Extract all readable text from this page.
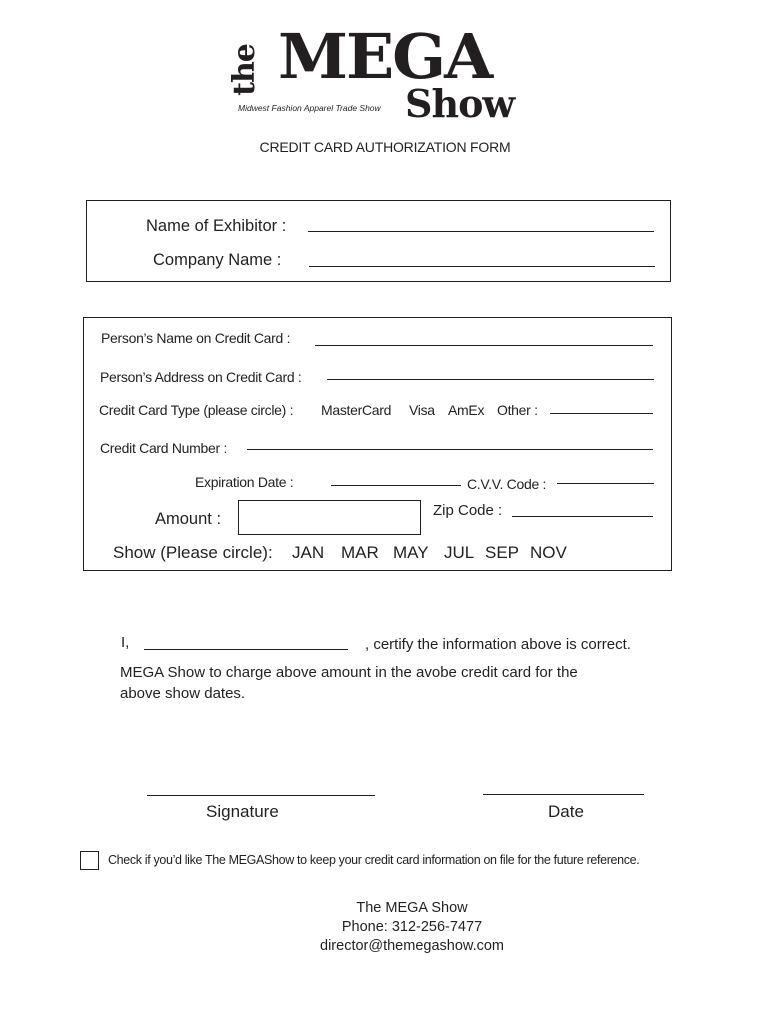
the MEGA
Show
Midwest Fashion Apparel Trade Show
CREDIT CARD AUTHORIZATION FORM
Name of Exhibitor :
Company Name :
Person’s Name on Credit Card :
Person’s Address on Credit Card :
Credit Card Type (please circle) : MasterCard Visa AmEx Other :
Credit Card Number :
Expiration Date :	C.V.V. Code :
Amount :	Zip Code :
Show (Please circle): JAN MAR MAY JUL SEP NOV
I,	, certify the information above is correct.
MEGA Show to charge above amount in the avobe credit card for the
above show dates.
Signature	Date
Check if you’d like The MEGAShow to keep your credit card information on file for the future reference.
The MEGA Show
Phone: 312-256-7477
director@themegashow.com
